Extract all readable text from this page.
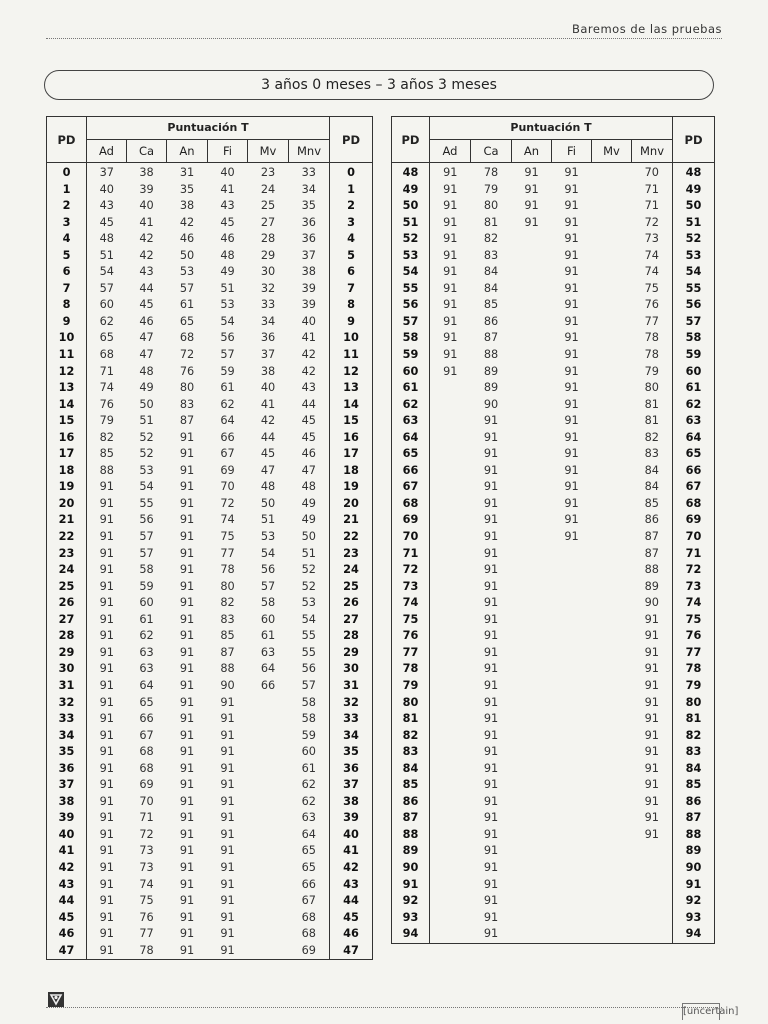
Baremos de las pruebas
3 años 0 meses – 3 años 3 meses
PD	Puntuación T						PD
	Ad	Ca	An	Fi	Mv	Mnv	
0	37	38	31	40	23	33	0
1	40	39	35	41	24	34	1
2	43	40	38	43	25	35	2
3	45	41	42	45	27	36	3
4	48	42	46	46	28	36	4
5	51	42	50	48	29	37	5
6	54	43	53	49	30	38	6
7	57	44	57	51	32	39	7
8	60	45	61	53	33	39	8
9	62	46	65	54	34	40	9
10	65	47	68	56	36	41	10
11	68	47	72	57	37	42	11
12	71	48	76	59	38	42	12
13	74	49	80	61	40	43	13
14	76	50	83	62	41	44	14
15	79	51	87	64	42	45	15
16	82	52	91	66	44	45	16
17	85	52	91	67	45	46	17
18	88	53	91	69	47	47	18
19	91	54	91	70	48	48	19
20	91	55	91	72	50	49	20
21	91	56	91	74	51	49	21
22	91	57	91	75	53	50	22
23	91	57	91	77	54	51	23
24	91	58	91	78	56	52	24
25	91	59	91	80	57	52	25
26	91	60	91	82	58	53	26
27	91	61	91	83	60	54	27
28	91	62	91	85	61	55	28
29	91	63	91	87	63	55	29
30	91	63	91	88	64	56	30
31	91	64	91	90	66	57	31
32	91	65	91	91		58	32
33	91	66	91	91		58	33
34	91	67	91	91		59	34
35	91	68	91	91		60	35
36	91	68	91	91		61	36
37	91	69	91	91		62	37
38	91	70	91	91		62	38
39	91	71	91	91		63	39
40	91	72	91	91		64	40
41	91	73	91	91		65	41
42	91	73	91	91		65	42
43	91	74	91	91		66	43
44	91	75	91	91		67	44
45	91	76	91	91		68	45
46	91	77	91	91		68	46
47	91	78	91	91		69	47
PD	Puntuación T						PD
	Ad	Ca	An	Fi	Mv	Mnv	
48	91	78	91	91		70	48
49	91	79	91	91		71	49
50	91	80	91	91		71	50
51	91	81	91	91		72	51
52	91	82		91		73	52
53	91	83		91		74	53
54	91	84		91		74	54
55	91	84		91		75	55
56	91	85		91		76	56
57	91	86		91		77	57
58	91	87		91		78	58
59	91	88		91		78	59
60	91	89		91		79	60
61		89		91		80	61
62		90		91		81	62
63		91		91		81	63
64		91		91		82	64
65		91		91		83	65
66		91		91		84	66
67		91		91		84	67
68		91		91		85	68
69		91		91		86	69
70		91		91		87	70
71		91				87	71
72		91				88	72
73		91				89	73
74		91				90	74
75		91				91	75
76		91				91	76
77		91				91	77
78		91				91	78
79		91				91	79
80		91				91	80
81		91				91	81
82		91				91	82
83		91				91	83
84		91				91	84
85		91				91	85
86		91				91	86
87		91				91	87
88		91				91	88
89		91					89
90		91					90
91		91					91
92		91					92
93		91					93
94		91					94
[uncertain]
